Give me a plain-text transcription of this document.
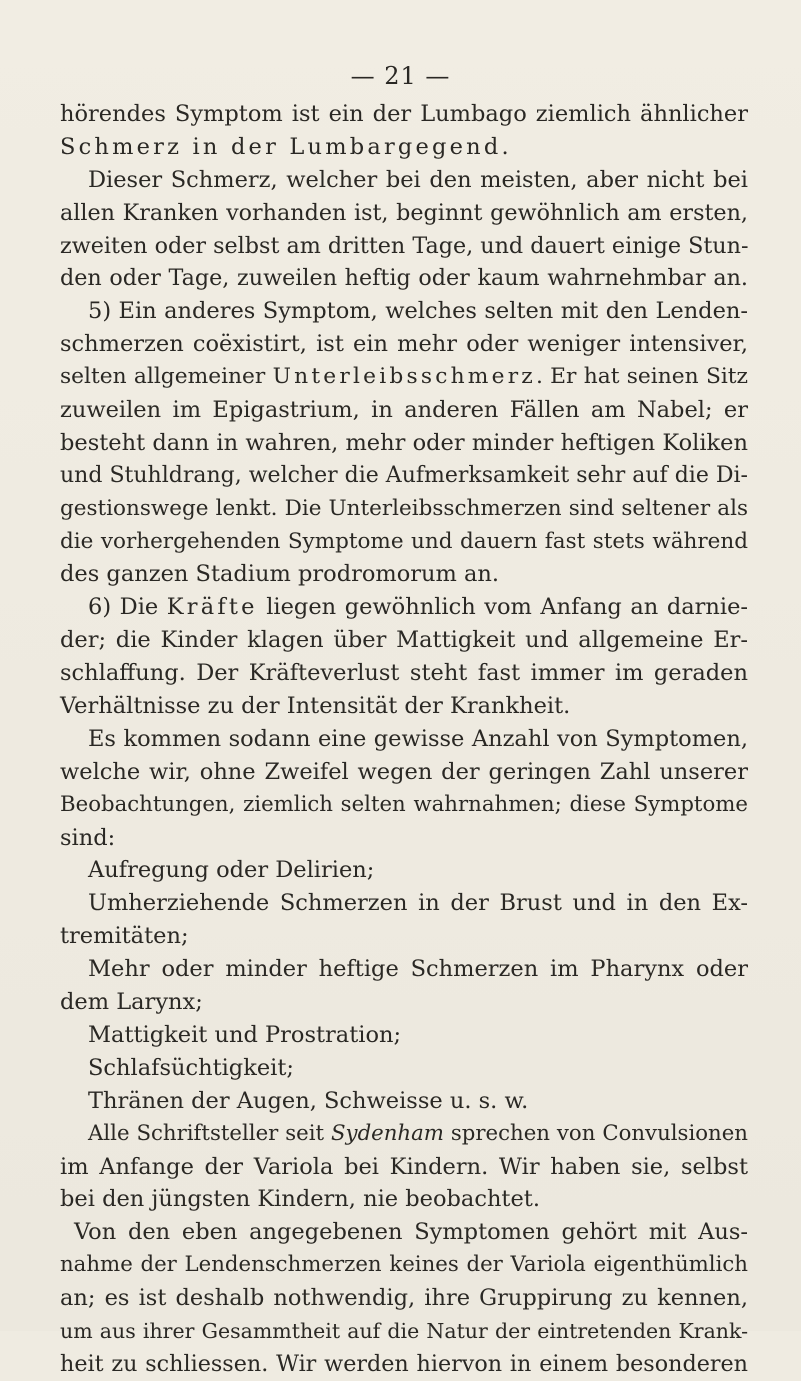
— 21 —
hörendes Symptom ist ein der Lumbago ziemlich ähnlicher
Schmerz in der Lumbargegend.
Dieser Schmerz, welcher bei den meisten, aber nicht bei
allen Kranken vorhanden ist, beginnt gewöhnlich am ersten,
zweiten oder selbst am dritten Tage, und dauert einige Stun-
den oder Tage, zuweilen heftig oder kaum wahrnehmbar an.
5) Ein anderes Symptom, welches selten mit den Lenden-
schmerzen coëxistirt, ist ein mehr oder weniger intensiver,
selten allgemeiner Unterleibsschmerz. Er hat seinen Sitz
zuweilen im Epigastrium, in anderen Fällen am Nabel; er
besteht dann in wahren, mehr oder minder heftigen Koliken
und Stuhldrang, welcher die Aufmerksamkeit sehr auf die Di-
gestionswege lenkt. Die Unterleibsschmerzen sind seltener als
die vorhergehenden Symptome und dauern fast stets während
des ganzen Stadium prodromorum an.
6) Die Kräfte liegen gewöhnlich vom Anfang an darnie-
der; die Kinder klagen über Mattigkeit und allgemeine Er-
schlaffung. Der Kräfteverlust steht fast immer im geraden
Verhältnisse zu der Intensität der Krankheit.
Es kommen sodann eine gewisse Anzahl von Symptomen,
welche wir, ohne Zweifel wegen der geringen Zahl unserer
Beobachtungen, ziemlich selten wahrnahmen; diese Symptome
sind:
Aufregung oder Delirien;
Umherziehende Schmerzen in der Brust und in den Ex-
tremitäten;
Mehr oder minder heftige Schmerzen im Pharynx oder
dem Larynx;
Mattigkeit und Prostration;
Schlafsüchtigkeit;
Thränen der Augen, Schweisse u. s. w.
Alle Schriftsteller seit Sydenham sprechen von Convulsionen
im Anfange der Variola bei Kindern. Wir haben sie, selbst
bei den jüngsten Kindern, nie beobachtet.
Von den eben angegebenen Symptomen gehört mit Aus-
nahme der Lendenschmerzen keines der Variola eigenthümlich
an; es ist deshalb nothwendig, ihre Gruppirung zu kennen,
um aus ihrer Gesammtheit auf die Natur der eintretenden Krank-
heit zu schliessen. Wir werden hiervon in einem besonderen
